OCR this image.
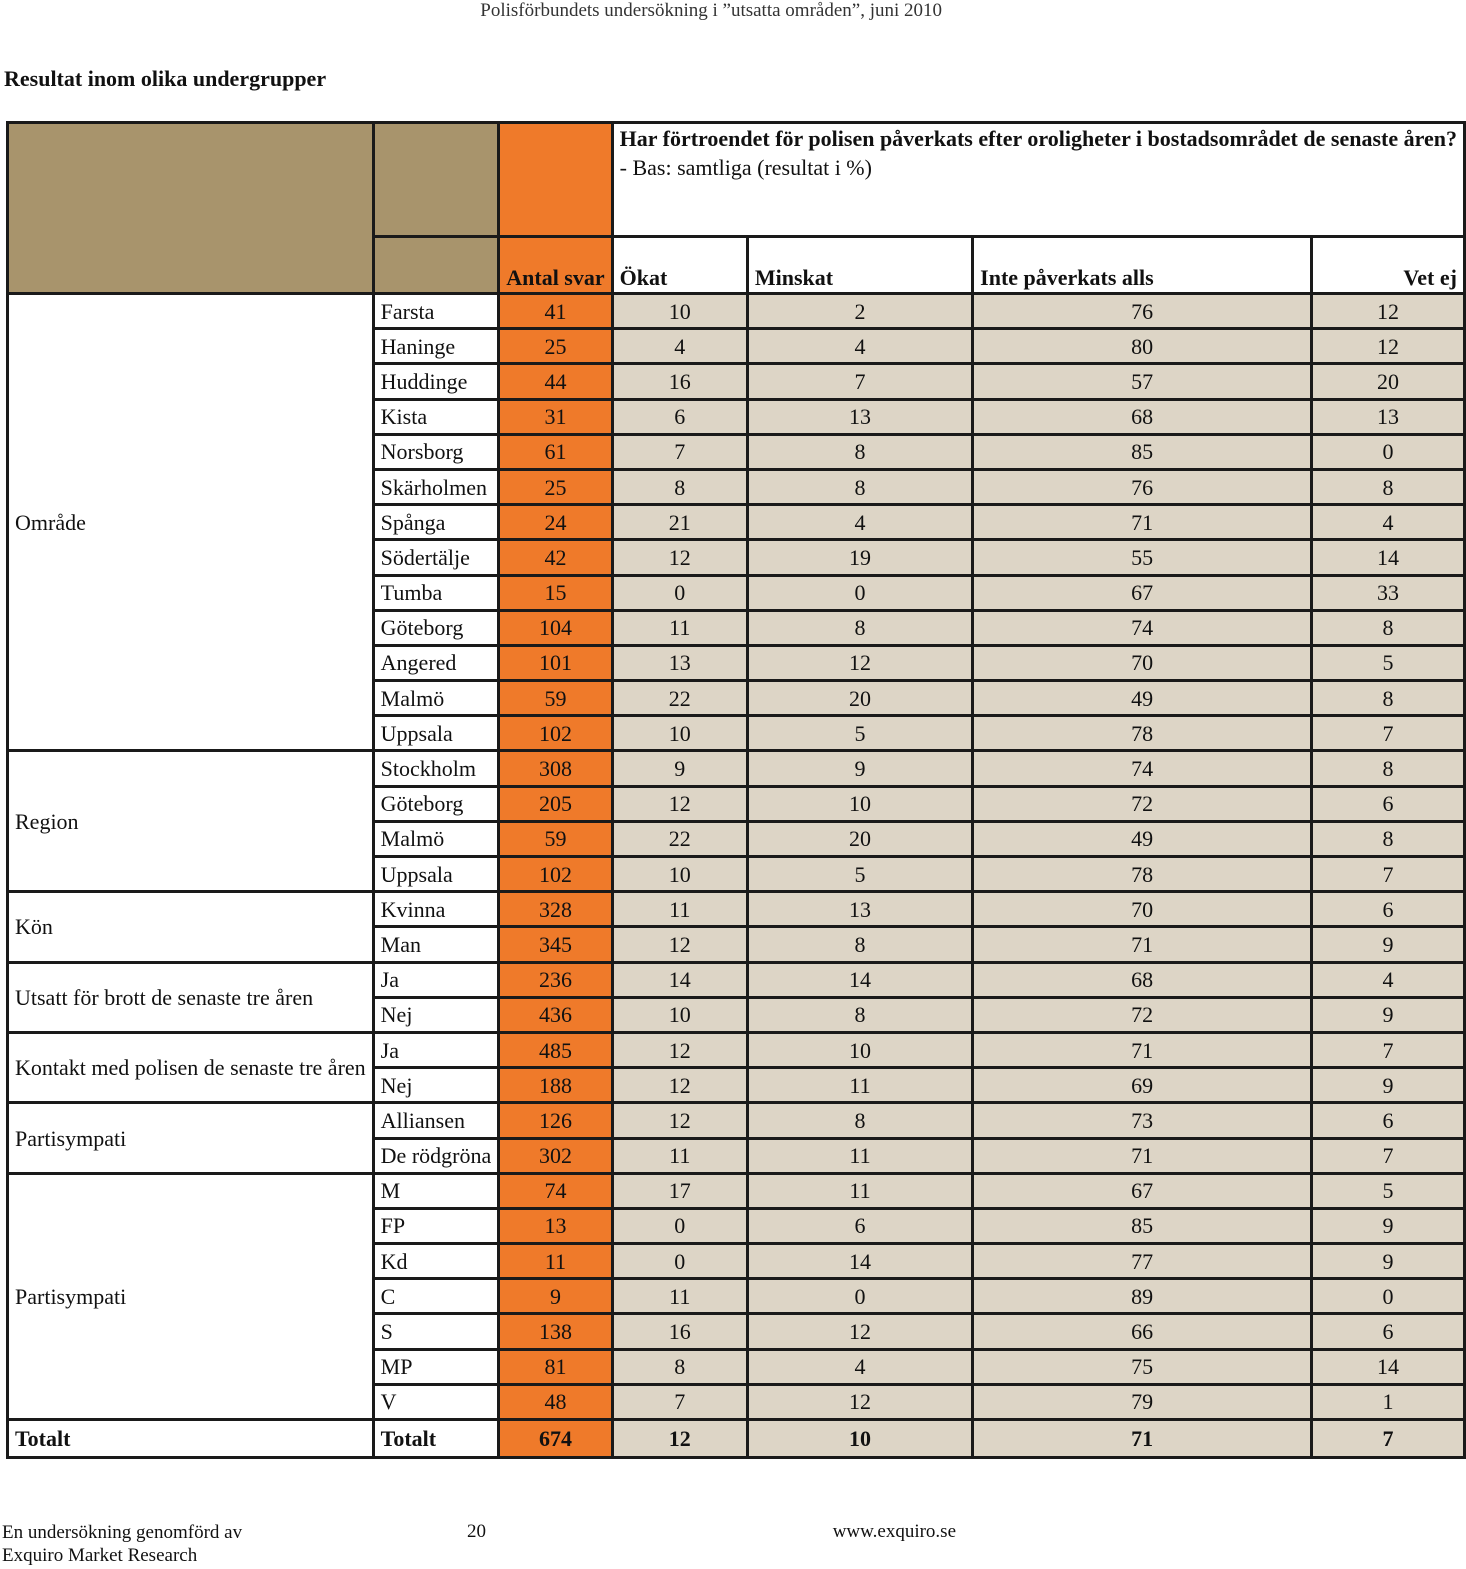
Polisförbundets undersökning i ”utsatta områden”, juni 2010
Resultat inom olika undergrupper

			Har förtroendet för polisen påverkats efter oroligheter i bostadsområdet de senaste åren?
- Bas: samtliga (resultat i %)			

		Antal svar	Ökat	Minskat	Inte påverkats alls	Vet ej
Område	Farsta	41	10	2	76	12
	Haninge	25	4	4	80	12
	Huddinge	44	16	7	57	20
	Kista	31	6	13	68	13
	Norsborg	61	7	8	85	0
	Skärholmen	25	8	8	76	8
	Spånga	24	21	4	71	4
	Södertälje	42	12	19	55	14
	Tumba	15	0	0	67	33
	Göteborg	104	11	8	74	8
	Angered	101	13	12	70	5
	Malmö	59	22	20	49	8
	Uppsala	102	10	5	78	7
Region	Stockholm	308	9	9	74	8
	Göteborg	205	12	10	72	6
	Malmö	59	22	20	49	8
	Uppsala	102	10	5	78	7
Kön	Kvinna	328	11	13	70	6
	Man	345	12	8	71	9
Utsatt för brott de senaste tre åren	Ja	236	14	14	68	4
	Nej	436	10	8	72	9
Kontakt med polisen de senaste tre åren	Ja	485	12	10	71	7
	Nej	188	12	11	69	9
Partisympati	Alliansen	126	12	8	73	6
	De rödgröna	302	11	11	71	7
Partisympati	M	74	17	11	67	5
	FP	13	0	6	85	9
	Kd	11	0	14	77	9
	C	9	11	0	89	0
	S	138	16	12	66	6
	MP	81	8	4	75	14
	V	48	7	12	79	1
Totalt	Totalt	674	12	10	71	7
En undersökning genomförd av
Exquiro Market Research
20	www.exquiro.se
